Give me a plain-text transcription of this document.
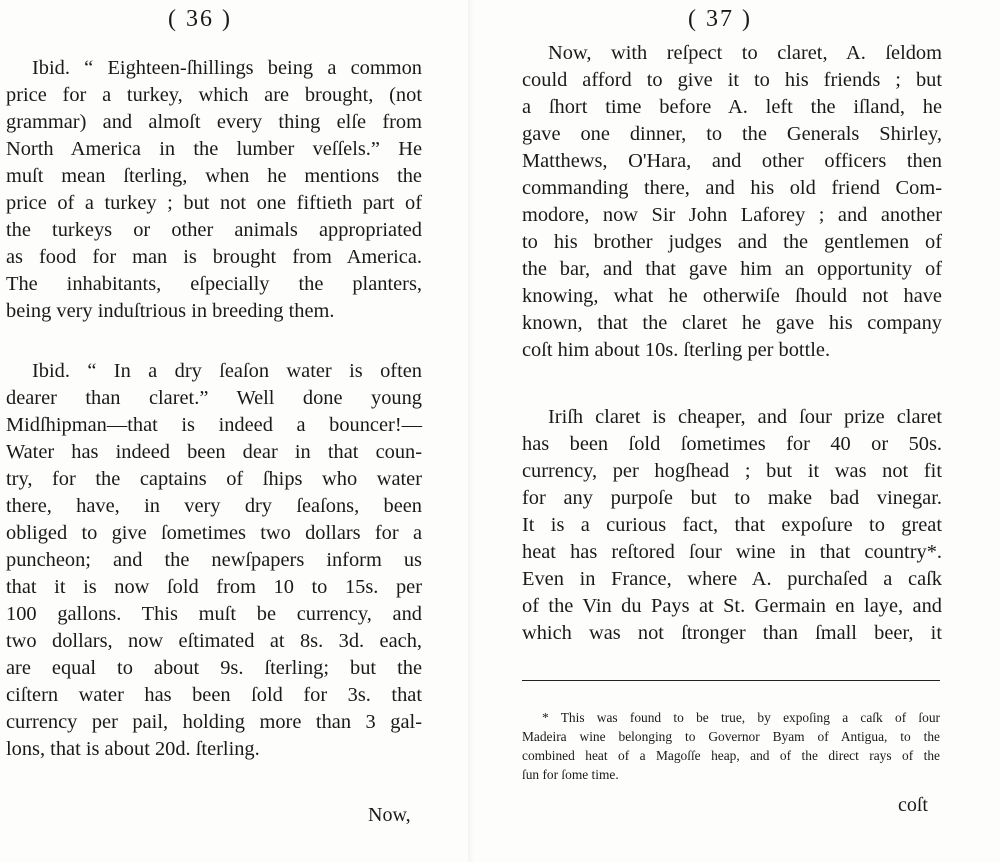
( 36 )
Ibid. “ Eighteen-ſhillings being a common
price for a turkey, which are brought, (not
grammar) and almoſt every thing elſe from
North America in the lumber veſſels.” He
muſt mean ſterling, when he mentions the
price of a turkey ; but not one fiftieth part of
the turkeys or other animals appropriated
as food for man is brought from America.
The inhabitants, eſpecially the planters,
being very induſtrious in breeding them.
Ibid. “ In a dry ſeaſon water is often
dearer than claret.” Well done young
Midſhipman—that is indeed a bouncer!—
Water has indeed been dear in that coun-
try, for the captains of ſhips who water
there, have, in very dry ſeaſons, been
obliged to give ſometimes two dollars for a
puncheon; and the newſpapers inform us
that it is now ſold from 10 to 15s. per
100 gallons. This muſt be currency, and
two dollars, now eſtimated at 8s. 3d. each,
are equal to about 9s. ſterling; but the
ciſtern water has been ſold for 3s. that
currency per pail, holding more than 3 gal-
lons, that is about 20d. ſterling.
Now,
( 37 )
Now, with reſpect to claret, A. ſeldom
could afford to give it to his friends ; but
a ſhort time before A. left the iſland, he
gave one dinner, to the Generals Shirley,
Matthews, O'Hara, and other officers then
commanding there, and his old friend Com-
modore, now Sir John Laforey ; and another
to his brother judges and the gentlemen of
the bar, and that gave him an opportunity of
knowing, what he otherwiſe ſhould not have
known, that the claret he gave his company
coſt him about 10s. ſterling per bottle.
Iriſh claret is cheaper, and ſour prize claret
has been ſold ſometimes for 40 or 50s.
currency, per hogſhead ; but it was not fit
for any purpoſe but to make bad vinegar.
It is a curious fact, that expoſure to great
heat has reſtored ſour wine in that country*.
Even in France, where A. purchaſed a caſk
of the Vin du Pays at St. Germain en laye, and
which was not ſtronger than ſmall beer, it
* This was found to be true, by expoſing a caſk of ſour
Madeira wine belonging to Governor Byam of Antigua, to the
combined heat of a Magoſſe heap, and of the direct rays of the
ſun for ſome time.
coſt
